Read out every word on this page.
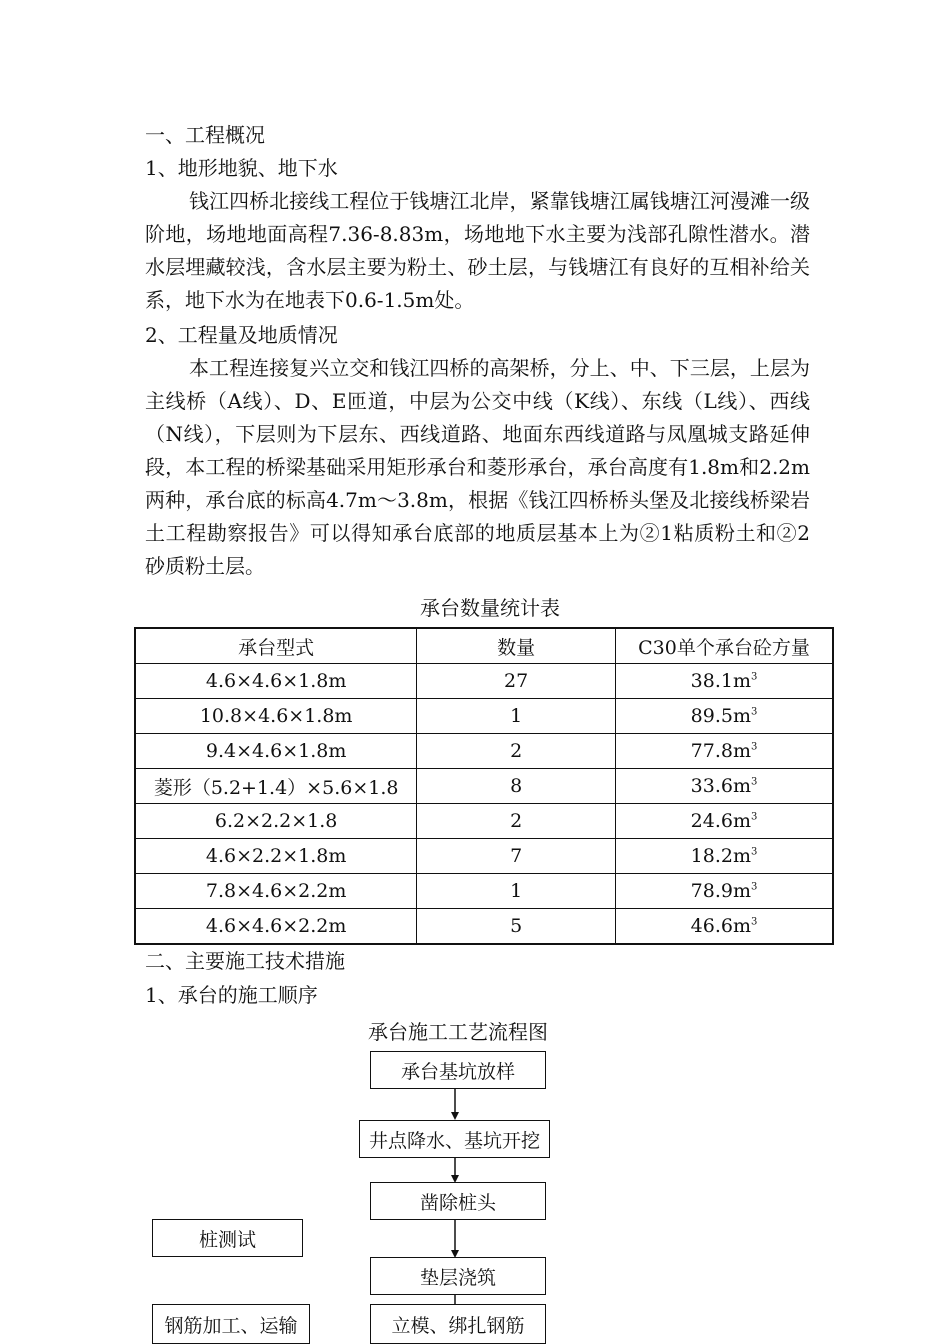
一、工程概况
1、地形地貌、地下水
钱江四桥北接线工程位于钱塘江北岸，紧靠钱塘江属钱塘江河漫滩一级阶地，场地地面高程7.36-8.83m，场地地下水主要为浅部孔隙性潜水。潜水层埋藏较浅，含水层主要为粉土、砂土层，与钱塘江有良好的互相补给关系，地下水为在地表下0.6-1.5m处。
2、工程量及地质情况
本工程连接复兴立交和钱江四桥的高架桥，分上、中、下三层，上层为主线桥（A线）、D、E匝道，中层为公交中线（K线）、东线（L线）、西线（N线），下层则为下层东、西线道路、地面东西线道路与凤凰城支路延伸段，本工程的桥梁基础采用矩形承台和菱形承台，承台高度有1.8m和2.2m两种，承台底的标高4.7m～3.8m，根据《钱江四桥桥头堡及北接线桥梁岩土工程勘察报告》可以得知承台底部的地质层基本上为②1粘质粉土和②2砂质粉土层。
承台数量统计表
承台型式	数量	C30单个承台砼方量
4.6×4.6×1.8m	27	$38.1m^3$
10.8×4.6×1.8m	1	$89.5m^3$
9.4×4.6×1.8m	2	$77.8m^3$
菱形（5.2+1.4）×5.6×1.8	8	$33.6m^3$
6.2×2.2×1.8	2	$24.6m^3$
4.6×2.2×1.8m	7	$18.2m^3$
7.8×4.6×2.2m	1	$78.9m^3$
4.6×4.6×2.2m	5	$46.6m^3$
二、主要施工技术措施
1、承台的施工顺序
承台施工工艺流程图
承台基坑放样
井点降水、基坑开挖
凿除桩头
垫层浇筑
立模、绑扎钢筋
桩测试
钢筋加工、运输
